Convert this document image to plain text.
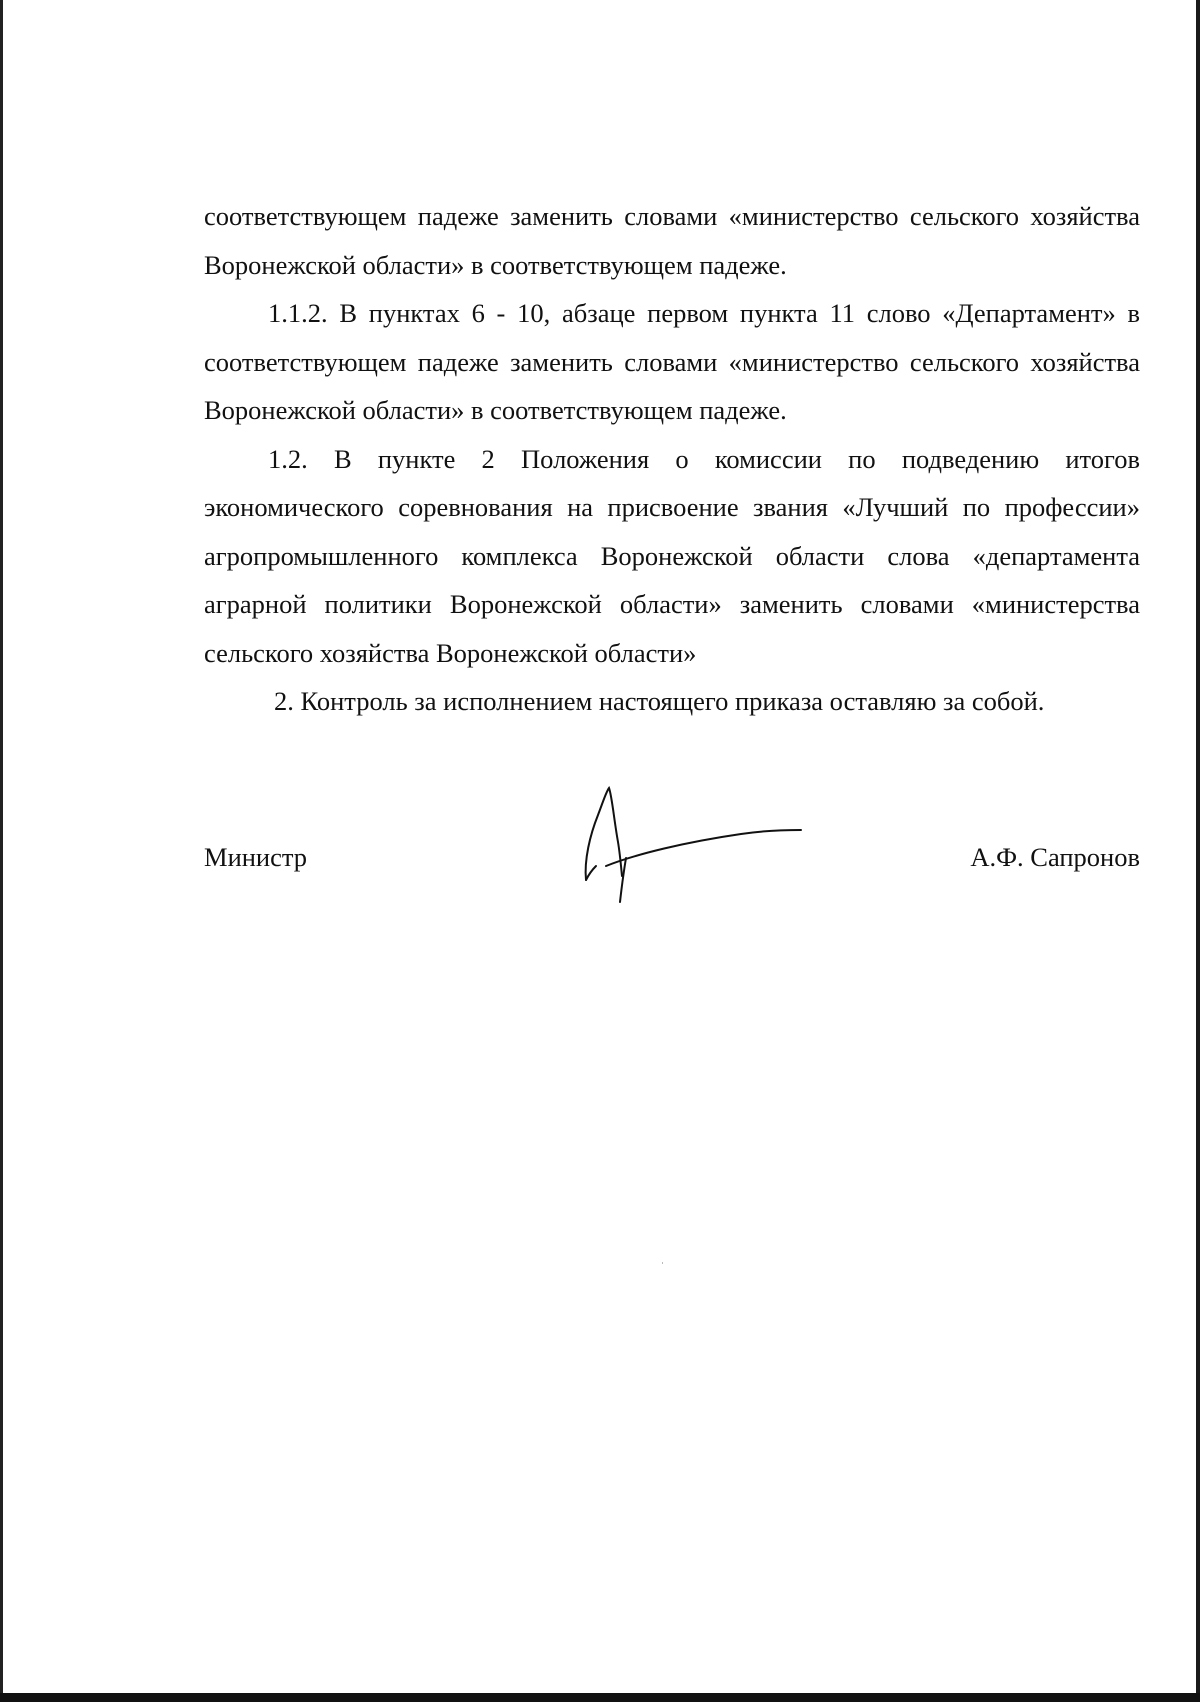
соответствующем падеже заменить словами «министерство сельского хозяйства Воронежской области» в соответствующем падеже.

1.1.2. В пунктах 6 - 10, абзаце первом пункта 11 слово «Департамент» в соответствующем падеже заменить словами «министерство сельского хозяйства Воронежской области» в соответствующем падеже.

1.2. В пункте 2 Положения о комиссии по подведению итогов экономического соревнования на присвоение звания «Лучший по профессии» агропромышленного комплекса Воронежской области слова «департамента аграрной политики Воронежской области» заменить словами «министерства сельского хозяйства Воронежской области»

2. Контроль за исполнением настоящего приказа оставляю за собой.

Министр	А.Ф. Сапронов
